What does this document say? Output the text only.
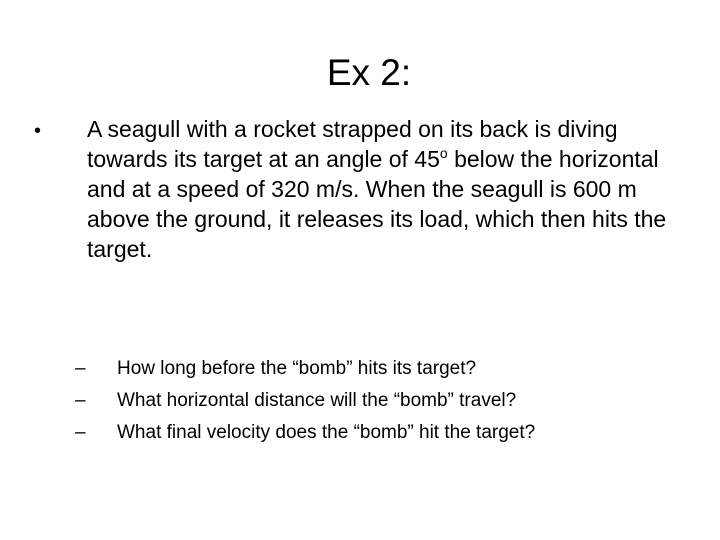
Ex 2:
• A seagull with a rocket strapped on its back is diving towards its target at an angle of 45$^o$ below the horizontal and at a speed of 320 m/s. When the seagull is 600 m above the ground, it releases its load, which then hits the target.
–	How long before the “bomb” hits its target?
–	What horizontal distance will the “bomb” travel?
–	What final velocity does the “bomb” hit the target?
